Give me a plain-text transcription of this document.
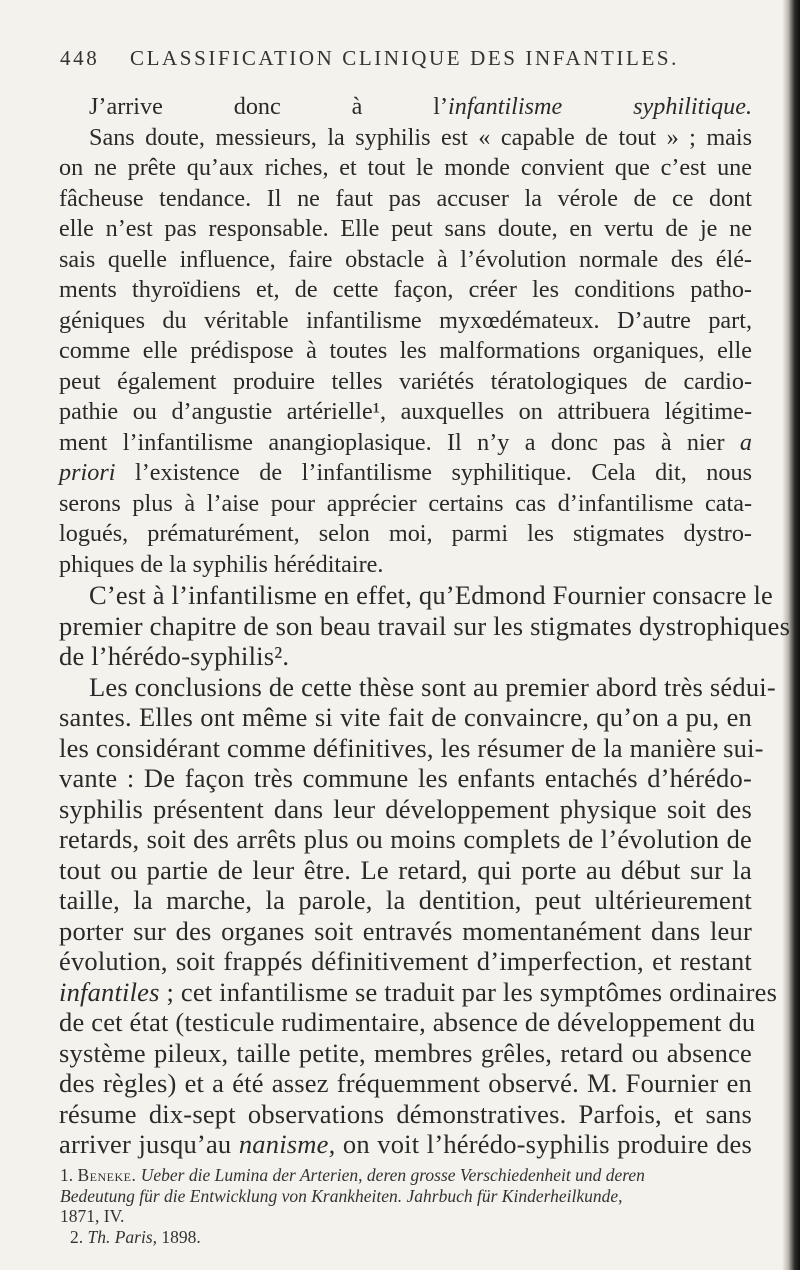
448 CLASSIFICATION CLINIQUE DES INFANTILES.
J’arrive donc à l’infantilisme syphilitique.
Sans doute, messieurs, la syphilis est « capable de tout » ; mais
on ne prête qu’aux riches, et tout le monde convient que c’est une
fâcheuse tendance. Il ne faut pas accuser la vérole de ce dont
elle n’est pas responsable. Elle peut sans doute, en vertu de je ne
sais quelle influence, faire obstacle à l’évolution normale des élé-
ments thyroïdiens et, de cette façon, créer les conditions patho-
géniques du véritable infantilisme myxœdémateux. D’autre part,
comme elle prédispose à toutes les malformations organiques, elle
peut également produire telles variétés tératologiques de cardio-
pathie ou d’angustie artérielle¹, auxquelles on attribuera légitime-
ment l’infantilisme anangioplasique. Il n’y a donc pas à nier a
priori l’existence de l’infantilisme syphilitique. Cela dit, nous
serons plus à l’aise pour apprécier certains cas d’infantilisme cata-
logués, prématurément, selon moi, parmi les stigmates dystro-
phiques de la syphilis héréditaire.
C’est à l’infantilisme en effet, qu’Edmond Fournier consacre le
premier chapitre de son beau travail sur les stigmates dystrophiques
de l’hérédo-syphilis².
Les conclusions de cette thèse sont au premier abord très sédui-
santes. Elles ont même si vite fait de convaincre, qu’on a pu, en
les considérant comme définitives, les résumer de la manière sui-
vante : De façon très commune les enfants entachés d’hérédo-
syphilis présentent dans leur développement physique soit des
retards, soit des arrêts plus ou moins complets de l’évolution de
tout ou partie de leur être. Le retard, qui porte au début sur la
taille, la marche, la parole, la dentition, peut ultérieurement
porter sur des organes soit entravés momentanément dans leur
évolution, soit frappés définitivement d’imperfection, et restant
infantiles ; cet infantilisme se traduit par les symptômes ordinaires
de cet état (testicule rudimentaire, absence de développement du
système pileux, taille petite, membres grêles, retard ou absence
des règles) et a été assez fréquemment observé. M. Fournier en
résume dix-sept observations démonstratives. Parfois, et sans
arriver jusqu’au nanisme, on voit l’hérédo-syphilis produire des
1. Beneke. Ueber die Lumina der Arterien, deren grosse Verschiedenheit und deren
Bedeutung für die Entwicklung von Krankheiten. Jahrbuch für Kinderheilkunde,
1871, IV.
2. Th. Paris, 1898.
